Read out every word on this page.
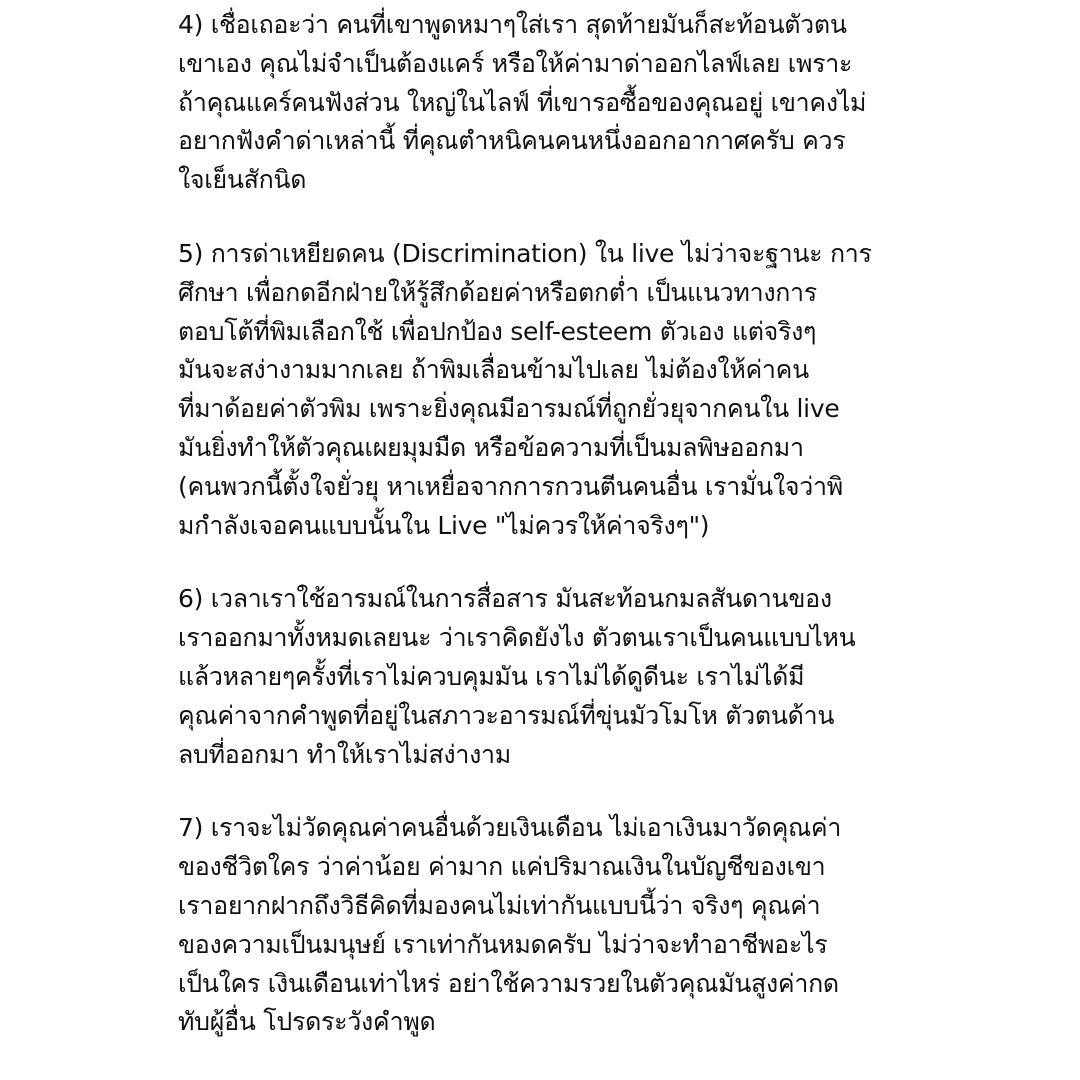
4) เชื่อเถอะว่า คนที่เขาพูดหมาๆใส่เรา สุดท้ายมันก็สะท้อนตัวตน
เขาเอง คุณไม่จำเป็นต้องแคร์ หรือให้ค่ามาด่าออกไลฟ์เลย เพราะ
ถ้าคุณแคร์คนฟังส่วน ใหญ่ในไลฟ์ ที่เขารอซื้อของคุณอยู่ เขาคงไม่
อยากฟังคำด่าเหล่านี้ ที่คุณตำหนิคนคนหนึ่งออกอากาศครับ ควร
ใจเย็นสักนิด
5) การด่าเหยียดคน (Discrimination) ใน live ไม่ว่าจะฐานะ การ
ศึกษา เพื่อกดอีกฝ่ายให้รู้สึกด้อยค่าหรือตกต่ำ เป็นแนวทางการ
ตอบโต้ที่พิมเลือกใช้ เพื่อปกป้อง self-esteem ตัวเอง แต่จริงๆ
มันจะสง่างามมากเลย ถ้าพิมเลื่อนข้ามไปเลย ไม่ต้องให้ค่าคน
ที่มาด้อยค่าตัวพิม เพราะยิ่งคุณมีอารมณ์ที่ถูกยั่วยุจากคนใน live
มันยิ่งทำให้ตัวคุณเผยมุมมืด หรือข้อความที่เป็นมลพิษออกมา
(คนพวกนี้ตั้งใจยั่วยุ หาเหยื่อจากการกวนตีนคนอื่น เรามั่นใจว่าพิ
มกำลังเจอคนแบบนั้นใน Live "ไม่ควรให้ค่าจริงๆ")
6) เวลาเราใช้อารมณ์ในการสื่อสาร มันสะท้อนกมลสันดานของ
เราออกมาทั้งหมดเลยนะ ว่าเราคิดยังไง ตัวตนเราเป็นคนแบบไหน
แล้วหลายๆครั้งที่เราไม่ควบคุมมัน เราไม่ได้ดูดีนะ เราไม่ได้มี
คุณค่าจากคำพูดที่อยู่ในสภาวะอารมณ์ที่ขุ่นมัวโมโห ตัวตนด้าน
ลบที่ออกมา ทำให้เราไม่สง่างาม
7) เราจะไม่วัดคุณค่าคนอื่นด้วยเงินเดือน ไม่เอาเงินมาวัดคุณค่า
ของชีวิตใคร ว่าค่าน้อย ค่ามาก แค่ปริมาณเงินในบัญชีของเขา
เราอยากฝากถึงวิธีคิดที่มองคนไม่เท่ากันแบบนี้ว่า จริงๆ คุณค่า
ของความเป็นมนุษย์ เราเท่ากันหมดครับ ไม่ว่าจะทำอาชีพอะไร
เป็นใคร เงินเดือนเท่าไหร่ อย่าใช้ความรวยในตัวคุณมันสูงค่ากด
ทับผู้อื่น โปรดระวังคำพูด
